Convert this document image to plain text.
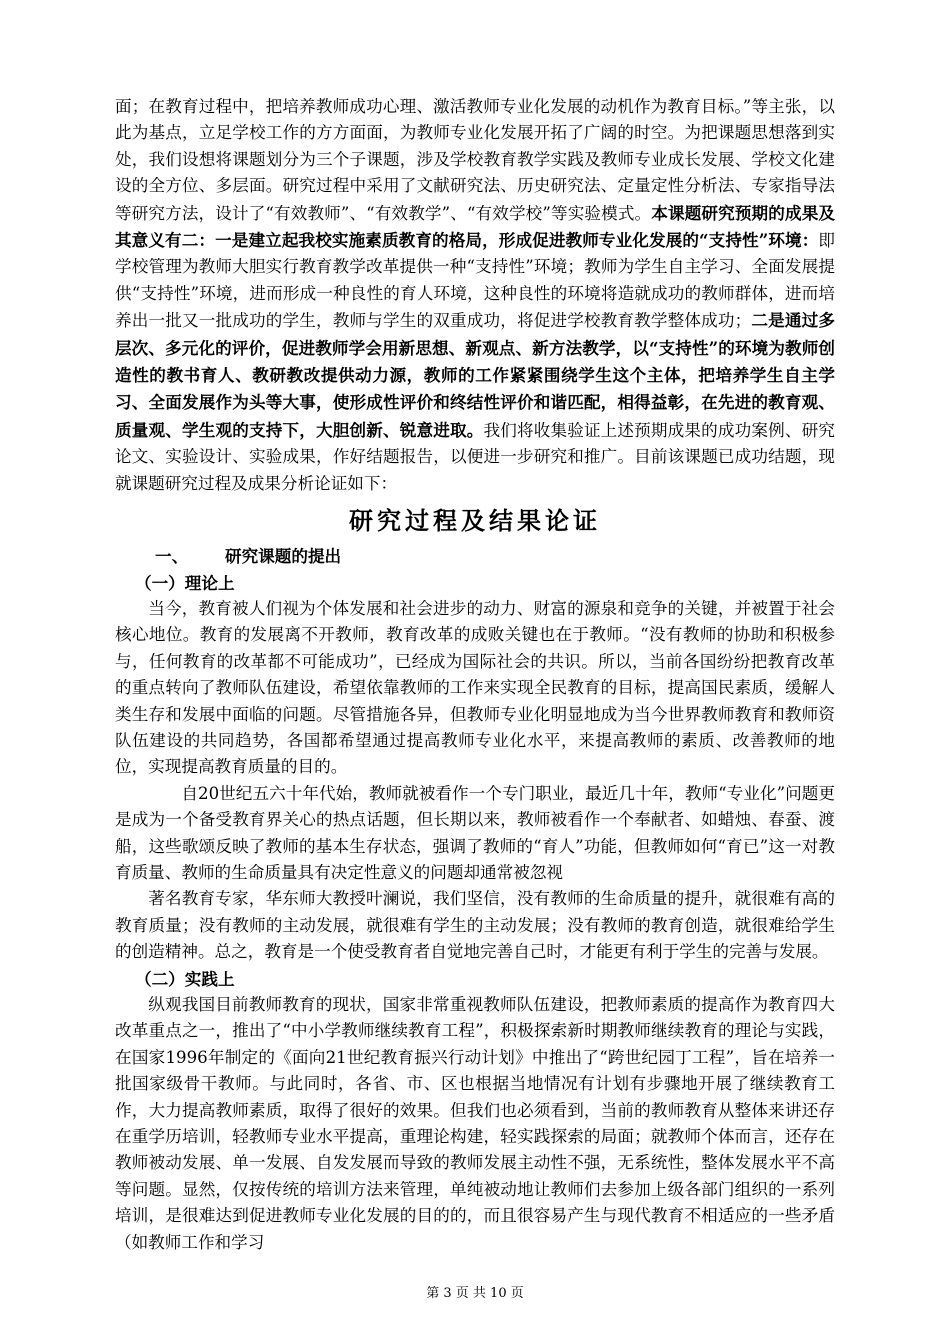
面；在教育过程中，把培养教师成功心理、激活教师专业化发展的动机作为教育目标。”等主张，以此为基点，立足学校工作的方方面面，为教师专业化发展开拓了广阔的时空。为把课题思想落到实处，我们设想将课题划分为三个子课题，涉及学校教育教学实践及教师专业成长发展、学校文化建设的全方位、多层面。研究过程中采用了文献研究法、历史研究法、定量定性分析法、专家指导法等研究方法，设计了“有效教师”、“有效教学”、“有效学校”等实验模式。本课题研究预期的成果及其意义有二：一是建立起我校实施素质教育的格局，形成促进教师专业化发展的“支持性”环境：即学校管理为教师大胆实行教育教学改革提供一种“支持性”环境；教师为学生自主学习、全面发展提供“支持性”环境，进而形成一种良性的育人环境，这种良性的环境将造就成功的教师群体，进而培养出一批又一批成功的学生，教师与学生的双重成功，将促进学校教育教学整体成功；二是通过多层次、多元化的评价，促进教师学会用新思想、新观点、新方法教学，以“支持性”的环境为教师创造性的教书育人、教研教改提供动力源，教师的工作紧紧围绕学生这个主体，把培养学生自主学习、全面发展作为头等大事，使形成性评价和终结性评价和谐匹配，相得益彰，在先进的教育观、质量观、学生观的支持下，大胆创新、锐意进取。我们将收集验证上述预期成果的成功案例、研究论文、实验设计、实验成果，作好结题报告，以便进一步研究和推广。目前该课题已成功结题，现就课题研究过程及成果分析论证如下：

研究过程及结果论证

一、 研究课题的提出

（一）理论上

当今，教育被人们视为个体发展和社会进步的动力、财富的源泉和竞争的关键，并被置于社会核心地位。教育的发展离不开教师，教育改革的成败关键也在于教师。“没有教师的协助和积极参与，任何教育的改革都不可能成功”，已经成为国际社会的共识。所以，当前各国纷纷把教育改革的重点转向了教师队伍建设，希望依靠教师的工作来实现全民教育的目标，提高国民素质，缓解人类生存和发展中面临的问题。尽管措施各异，但教师专业化明显地成为当今世界教师教育和教师资队伍建设的共同趋势，各国都希望通过提高教师专业化水平，来提高教师的素质、改善教师的地位，实现提高教育质量的目的。

自20世纪五六十年代始，教师就被看作一个专门职业，最近几十年，教师“专业化”问题更是成为一个备受教育界关心的热点话题，但长期以来，教师被看作一个奉献者、如蜡烛、春蚕、渡船，这些歌颂反映了教师的基本生存状态，强调了教师的“育人”功能，但教师如何“育已”这一对教育质量、教师的生命质量具有决定性意义的问题却通常被忽视

著名教育专家，华东师大教授叶澜说，我们坚信，没有教师的生命质量的提升，就很难有高的教育质量；没有教师的主动发展，就很难有学生的主动发展；没有教师的教育创造，就很难给学生的创造精神。总之，教育是一个使受教育者自觉地完善自己时，才能更有利于学生的完善与发展。

（二）实践上

纵观我国目前教师教育的现状，国家非常重视教师队伍建设，把教师素质的提高作为教育四大改革重点之一，推出了“中小学教师继续教育工程”，积极探索新时期教师继续教育的理论与实践，在国家1996年制定的《面向21世纪教育振兴行动计划》中推出了“跨世纪园丁工程”，旨在培养一批国家级骨干教师。与此同时，各省、市、区也根据当地情况有计划有步骤地开展了继续教育工作，大力提高教师素质，取得了很好的效果。但我们也必须看到，当前的教师教育从整体来讲还存在重学历培训，轻教师专业水平提高，重理论构建，轻实践探索的局面；就教师个体而言，还存在教师被动发展、单一发展、自发发展而导致的教师发展主动性不强，无系统性，整体发展水平不高等问题。显然，仅按传统的培训方法来管理，单纯被动地让教师们去参加上级各部门组织的一系列培训，是很难达到促进教师专业化发展的目的的，而且很容易产生与现代教育不相适应的一些矛盾（如教师工作和学习

第 3 页 共 10 页
